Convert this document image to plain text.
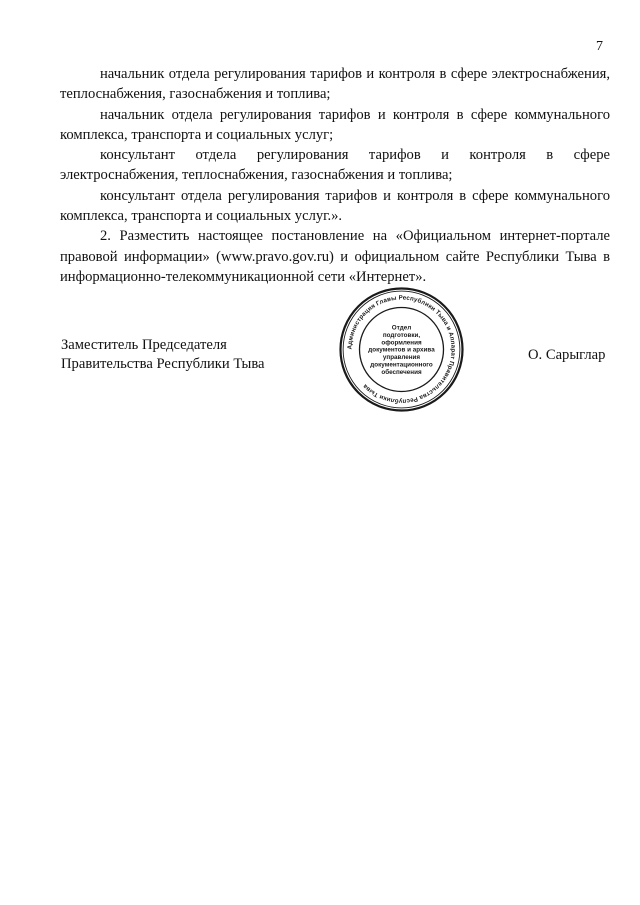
7

начальник отдела регулирования тарифов и контроля в сфере электроснабжения, теплоснабжения, газоснабжения и топлива;

начальник отдела регулирования тарифов и контроля в сфере коммунального комплекса, транспорта и социальных услуг;

консультант отдела регулирования тарифов и контроля в сфере электроснабжения, теплоснабжения, газоснабжения и топлива;

консультант отдела регулирования тарифов и контроля в сфере коммунального комплекса, транспорта и социальных услуг.».

2. Разместить настоящее постановление на «Официальном интернет-портале правовой информации» (www.pravo.gov.ru) и официальном сайте Республики Тыва в информационно-телекоммуникационной сети «Интернет».

Заместитель Председателя
Правительства Республики Тыва
Администрация Главы Республики Тыва и Аппарат Правительства Республики Тыва
Отдел
подготовки,
оформления
документов и архива
управления
документационного
обеспечения
О. Сарыглар
